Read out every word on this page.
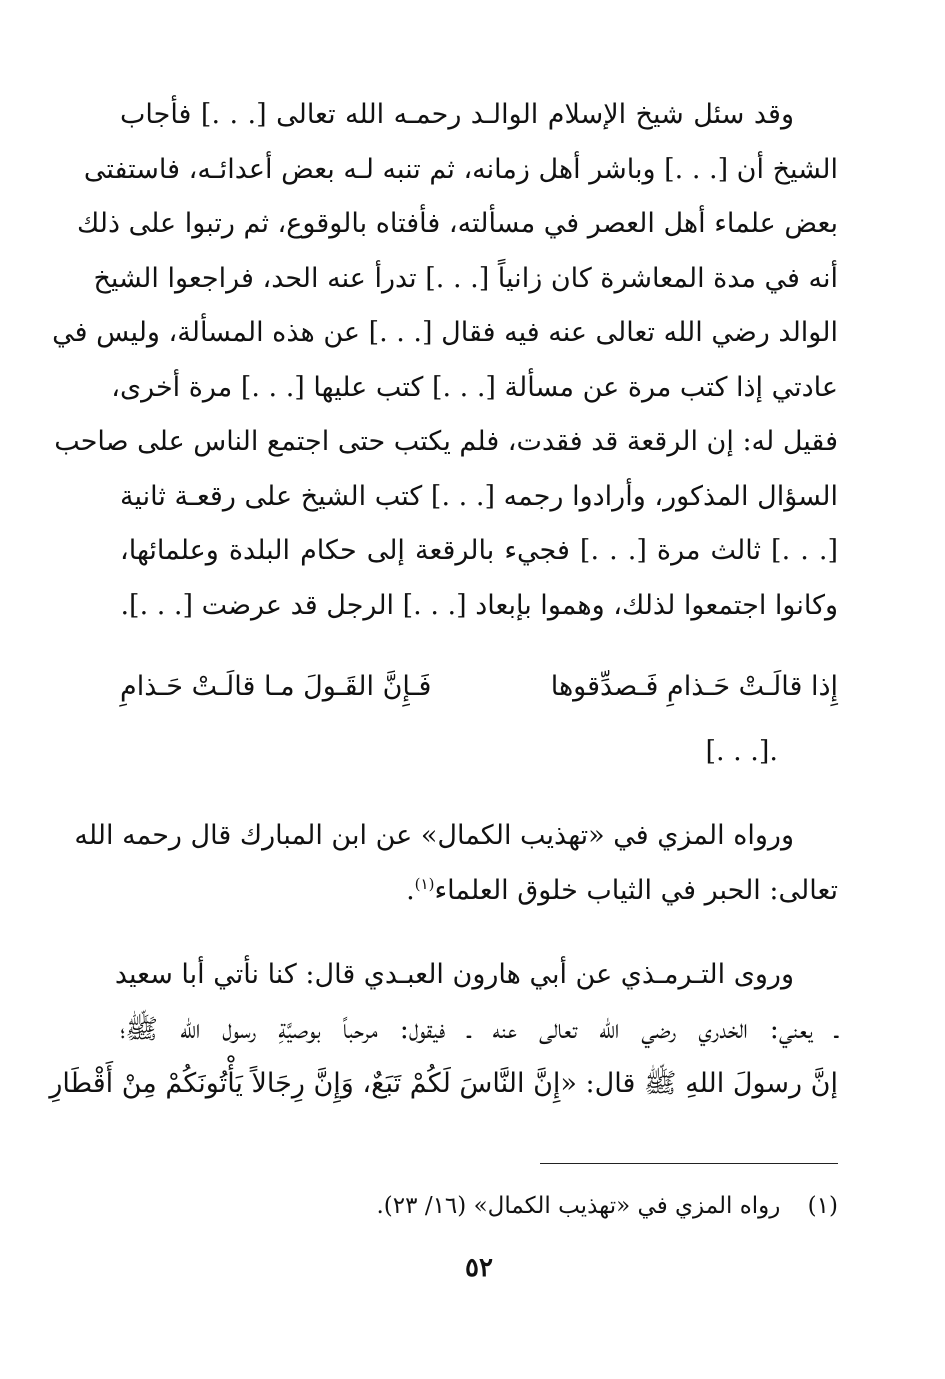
وقد سئل شيخ الإسلام الوالـد رحمـه الله تعالى [. . .] فأجاب
الشيخ أن [. . .] وباشر أهل زمانه، ثم تنبه لـه بعض أعدائـه، فاستفتى
بعض علماء أهل العصر في مسألته، فأفتاه بالوقوع، ثم رتبوا على ذلك
أنه في مدة المعاشرة كان زانياً [. . .] تدرأ عنه الحد، فراجعوا الشيخ
الوالد رضي الله تعالى عنه فيه فقال [. . .] عن هذه المسألة، وليس في
عادتي إذا كتب مرة عن مسألة [. . .] كتب عليها [. . .] مرة أخرى،
فقيل له: إن الرقعة قد فقدت، فلم يكتب حتى اجتمع الناس على صاحب
السؤال المذكور، وأرادوا رجمه [. . .] كتب الشيخ على رقعـة ثانية
[. . .] ثالث مرة [. . .] فجيء بالرقعة إلى حكام البلدة وعلمائها،
وكانوا اجتمعوا لذلك، وهموا بإبعاد [. . .] الرجل قد عرضت [. . .].
إِذا قالَـتْ حَـذامِ فَـصدِّقوها
فَـإِنَّ القَـولَ مـا قالَـتْ حَـذامِ
.[. . .]
ورواه المزي في «تهذيب الكمال» عن ابن المبارك قال رحمه الله
تعالى: الحبر في الثياب خلوق العلماء$^{(١)}$.
وروى التـرمـذي عن أبي هارون العبـدي قال: كنا نأتي أبا سعيد
ـ يعني: الخدري رضي الله تعالى عنه ـ فيقول: مرحباً بوصيَّةِ رسول الله ﷺ؛
إنَّ رسولَ اللهِ ﷺ قال: «إِنَّ النَّاسَ لَكُمْ تَبَعٌ، وَإِنَّ رِجَالاً يَأْتُونَكُمْ مِنْ أَقْطَارِ
(١) رواه المزي في «تهذيب الكمال» (١٦/ ٢٣).
٥٢
